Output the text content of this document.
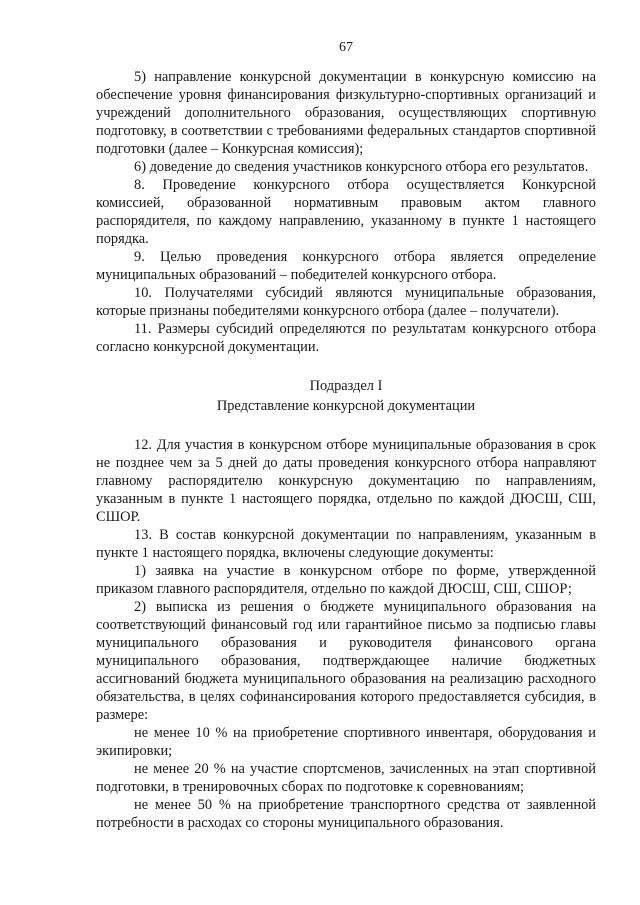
67

5) направление конкурсной документации в конкурсную комиссию на обеспечение уровня финансирования физкультурно-спортивных организаций и учреждений дополнительного образования, осуществляющих спортивную подготовку, в соответствии с требованиями федеральных стандартов спортивной подготовки (далее – Конкурсная комиссия);

6) доведение до сведения участников конкурсного отбора его результатов.

8. Проведение конкурсного отбора осуществляется Конкурсной комиссией, образованной нормативным правовым актом главного распорядителя, по каждому направлению, указанному в пункте 1 настоящего порядка.

9. Целью проведения конкурсного отбора является определение муниципальных образований – победителей конкурсного отбора.

10. Получателями субсидий являются муниципальные образования, которые признаны победителями конкурсного отбора (далее – получатели).

11. Размеры субсидий определяются по результатам конкурсного отбора согласно конкурсной документации.

Подраздел I

Представление конкурсной документации

12. Для участия в конкурсном отборе муниципальные образования в срок не позднее чем за 5 дней до даты проведения конкурсного отбора направляют главному распорядителю конкурсную документацию по направлениям, указанным в пункте 1 настоящего порядка, отдельно по каждой ДЮСШ, СШ, СШОР.

13. В состав конкурсной документации по направлениям, указанным в пункте 1 настоящего порядка, включены следующие документы:

1) заявка на участие в конкурсном отборе по форме, утвержденной приказом главного распорядителя, отдельно по каждой ДЮСШ, СШ, СШОР;

2) выписка из решения о бюджете муниципального образования на соответствующий финансовый год или гарантийное письмо за подписью главы муниципального образования и руководителя финансового органа муниципального образования, подтверждающее наличие бюджетных ассигнований бюджета муниципального образования на реализацию расходного обязательства, в целях софинансирования которого предоставляется субсидия, в размере:

не менее 10 % на приобретение спортивного инвентаря, оборудования и экипировки;

не менее 20 % на участие спортсменов, зачисленных на этап спортивной подготовки, в тренировочных сборах по подготовке к соревнованиям;

не менее 50 % на приобретение транспортного средства от заявленной потребности в расходах со стороны муниципального образования.
